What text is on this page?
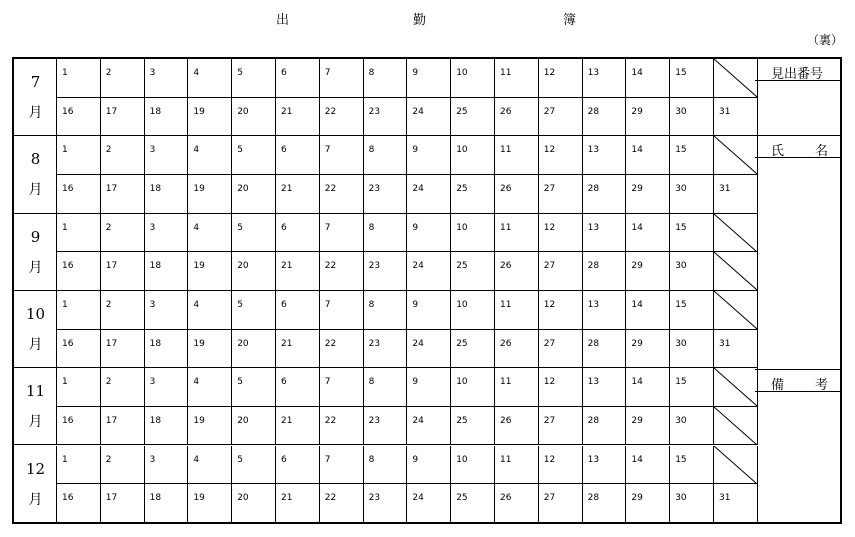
出	勤	簿
（裏）
見出番号
氏 名
備 考
7
月
1	2	3	4	5	6	7	8	9	10	11	12	13	14	15
16	17	18	19	20	21	22	23	24	25	26	27	28	29	30	31
8
月
1	2	3	4	5	6	7	8	9	10	11	12	13	14	15
16	17	18	19	20	21	22	23	24	25	26	27	28	29	30	31
9
月
1	2	3	4	5	6	7	8	9	10	11	12	13	14	15
16	17	18	19	20	21	22	23	24	25	26	27	28	29	30
10
月
1	2	3	4	5	6	7	8	9	10	11	12	13	14	15
16	17	18	19	20	21	22	23	24	25	26	27	28	29	30	31
11
月
1	2	3	4	5	6	7	8	9	10	11	12	13	14	15
16	17	18	19	20	21	22	23	24	25	26	27	28	29	30
12
月
1	2	3	4	5	6	7	8	9	10	11	12	13	14	15
16	17	18	19	20	21	22	23	24	25	26	27	28	29	30	31
